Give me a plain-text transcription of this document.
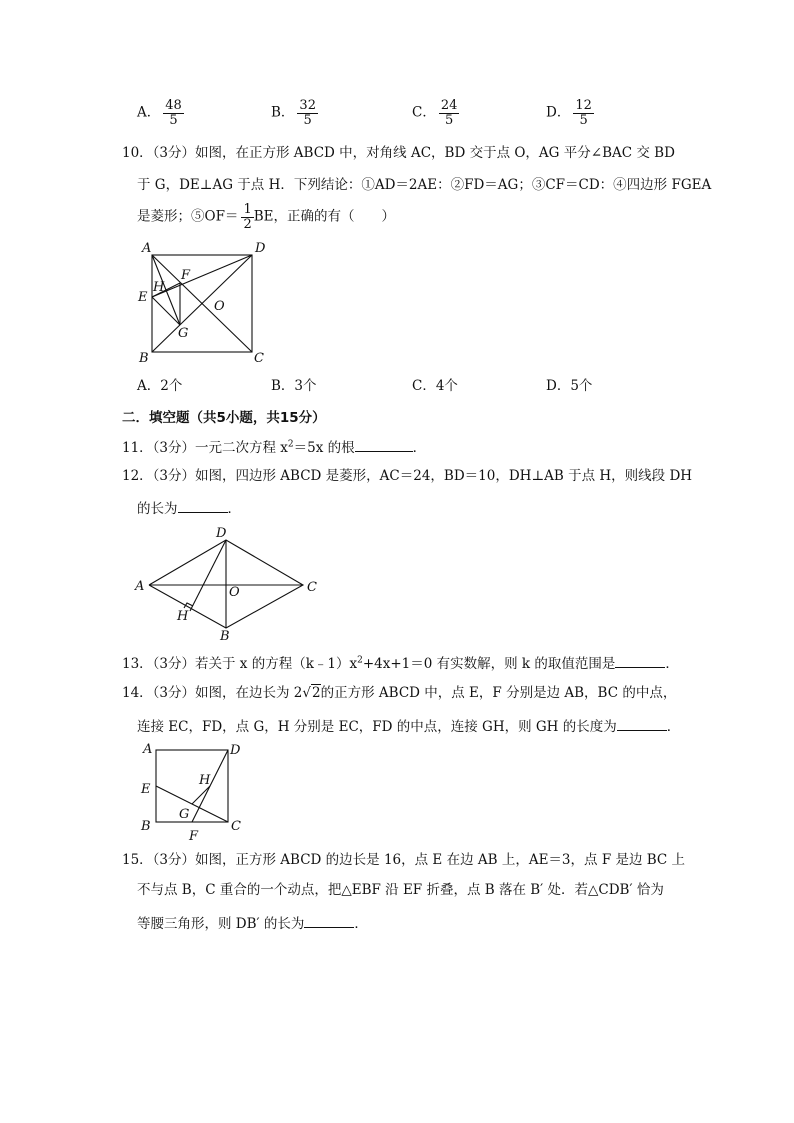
A． $\frac{48}{5}$	B． $\frac{32}{5}$	C． $\frac{24}{5}$	D． $\frac{12}{5}$
10．（3分）如图，在正方形 ABCD 中，对角线 AC，BD 交于点 O，AG 平分∠BAC 交 BD
于 G，DE⊥AG 于点 H．下列结论：①AD＝2AE：②FD＝AG；③CF＝CD：④四边形 FGEA
是菱形；⑤OF＝ $\frac{1}{2}$ BE，正确的有（　　）
A	D
B	C
E
F
H
G
O
A．2个	B．3个	C．4个	D．5个
二．填空题（共5小题，共15分）
11．（3分）一元二次方程 $x^2=5x$ 的根	．
12．（3分）如图，四边形 ABCD 是菱形，AC＝24，BD＝10，DH⊥AB 于点 H，则线段 DH
的长为	．
A
D
C
B
H
O
13．（3分）若关于 x 的方程$(k﹣1)x^2+4x+1=0$ 有实数解，则 k 的取值范围是	．
14．（3分）如图，在边长为 2√2的正方形 ABCD 中，点 E，F 分别是边 AB，BC 的中点，
连接 EC，FD，点 G，H 分别是 EC，FD 的中点，连接 GH，则 GH 的长度为	．
A	D
E
B	C
F
G
H
15．（3分）如图，正方形 ABCD 的边长是 16，点 E 在边 AB 上，AE＝3，点 F 是边 BC 上
不与点 B，C 重合的一个动点，把△EBF 沿 EF 折叠，点 B 落在 B′ 处．若△CDB′ 恰为
等腰三角形，则 DB′ 的长为	．
